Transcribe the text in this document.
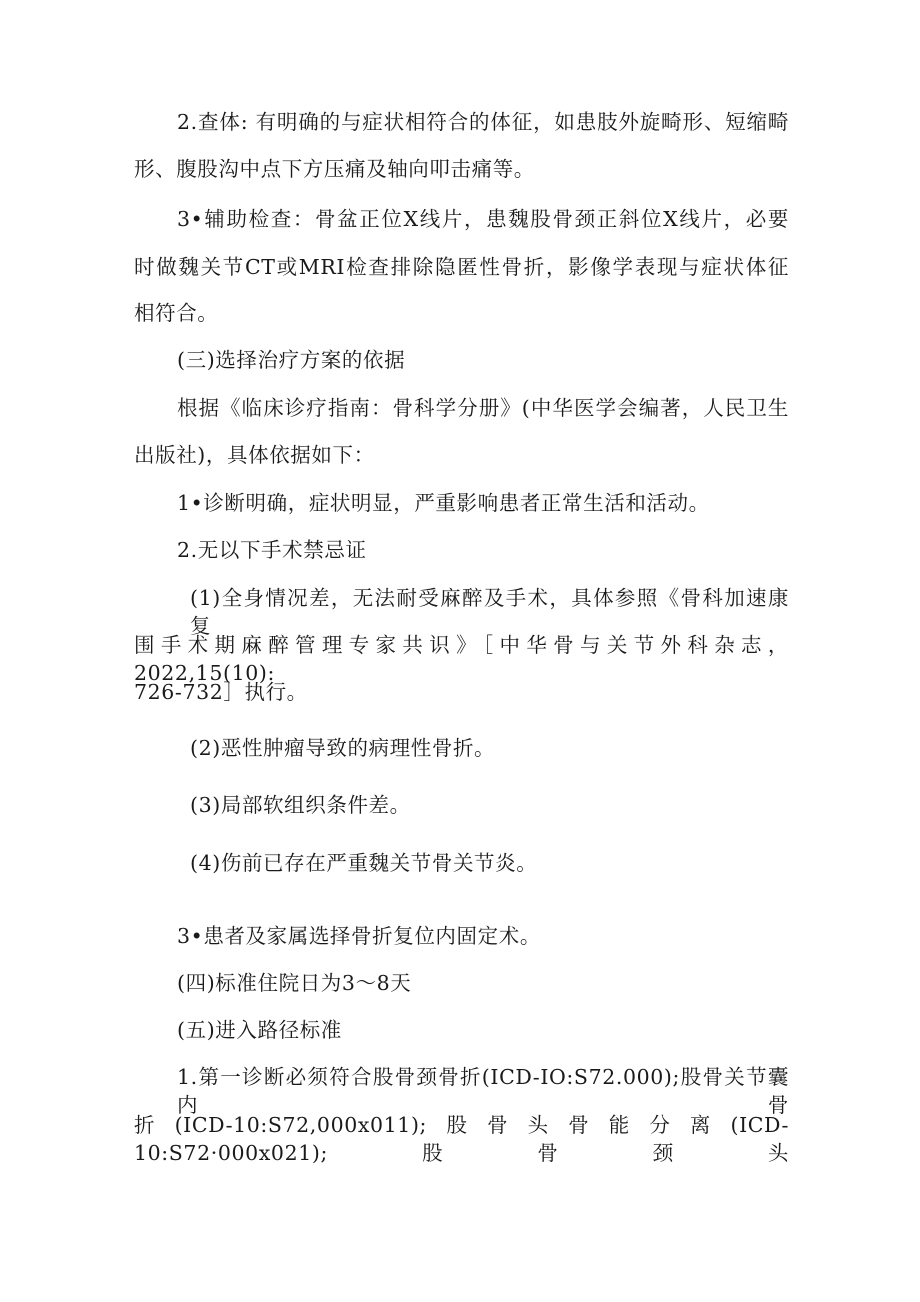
2.查体: 有明确的与症状相符合的体征，如患肢外旋畸形、短缩畸
形、腹股沟中点下方压痛及轴向叩击痛等。
3•辅助检查：骨盆正位X线片，患魏股骨颈正斜位X线片，必要
时做魏关节CT或MRI检查排除隐匿性骨折，影像学表现与症状体征
相符合。
(三)选择治疗方案的依据
根据《临床诊疗指南：骨科学分册》(中华医学会编著，人民卫生
出版社)，具体依据如下：
1•诊断明确，症状明显，严重影响患者正常生活和活动。
2.无以下手术禁忌证
(1)全身情况差，无法耐受麻醉及手术，具体参照《骨科加速康复
围手术期麻醉管理专家共识》［中华骨与关节外科杂志，2022,15(10):
726-732］执行。
(2)恶性肿瘤导致的病理性骨折。
(3)局部软组织条件差。
(4)伤前已存在严重魏关节骨关节炎。
3•患者及家属选择骨折复位内固定术。
(四)标准住院日为3～8天
(五)进入路径标准
1.第一诊断必须符合股骨颈骨折(ICD-IO:S72.000);股骨关节囊内骨
折(ICD-10:S72,000x011);股骨头骨能分离(ICD-10:S72·000x021);股骨颈头
